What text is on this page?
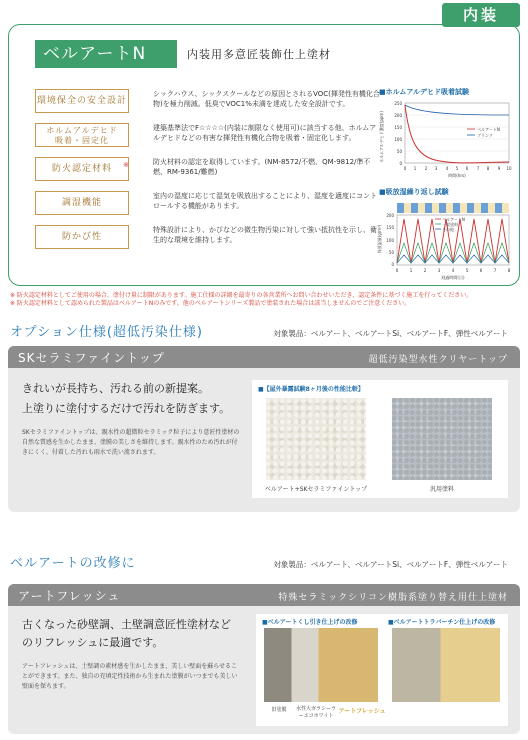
内装
ベルアートN	内装用多意匠装飾仕上塗材
環境保全の安全設計
シックハウス、シックスクールなどの原因とされるVOC(揮発性有機化合物)を極力削減。低臭でVOC1%未満を達成した安全設計です。
ホルムアルデヒド
吸着・固定化
建築基準法でF☆☆☆☆(内装に制限なく使用可)に該当する他、ホルムアルデヒドなどの有害な揮発性有機化合物を吸着・固定化します。
防火認定材料 ※	防火材料の認定を取得しています。(NM-8572/不燃、QM-9812/準不燃、RM-9361/難燃)
調湿機能
室内の湿度に応じて湿気を吸放出することにより、湿度を適度にコントロールする機能があります。
防かび性
特殊設計により、かびなどの微生物汚染に対して強い抵抗性を示し、衛生的な環境を維持します。
■ホルムアルデヒド吸着試験
250
200
150
100
50
0
0 1 2 3 4 5 6 7 8 9 10
時間(hrs)
ホルムアルデヒド濃度(ppm)	ベルアートN
ブランク
■吸放湿繰り返し試験
200
150
100
50
0
0	1	2	3	4	5	6	7	8
経過時間(日)
吸放湿量(g/m²)
ベルアートN
一般塗料
その他
※ 防火認定材料としてご使用の場合、塗付け量に制限があります。施工仕様の詳細を最寄りの各営業所へお問い合わせいただき、認定条件に基づく施工を行ってください。
※ 防火認定材料として認められた製品はベルアートNのみです。他のベルアートシリーズ製品で塗装された場合は該当しませんのでご注意ください。
オプション仕様(超低汚染仕様)	対象製品：ベルアート、ベルアートSi、ベルアートF、弾性ベルアート
SKセラミファイントップ	超低汚染型水性クリヤートップ
きれいが長持ち、汚れる前の新提案。
上塗りに塗付するだけで汚れを防ぎます。
SKセラミファイントップは、親水性の超微粒セラミック粒子により意匠性塗材の自然な質感を生かしたまま、塗膜の美しさを維持します。親水性のため汚れが付きにくく、付着した汚れも雨水で洗い流されます。
■【屋外暴露試験8ヶ月後の性能比較】
ベルアート+SKセラミファイントップ	汎用塗料
ベルアートの改修に	対象製品：ベルアート、ベルアートSi、ベルアートF、弾性ベルアート
アートフレッシュ	特殊セラミックシリコン樹脂系塗り替え用仕上塗材
古くなった砂壁調、土壁調意匠性塗材など
のリフレッシュに最適です。
アートフレッシュは、土壁調の素材感を生かしたまま、美しい壁面を蘇らせることができます。また、独自の充填定性技術から生まれた塗膜がいつまでも美しい壁面を保ちます。
■ベルアートくし引き仕上げの改修	■ベルアートトラバーチン仕上げの改修
旧塗膜	水性大ガラシーラーエコホワイト
アートフレッシュ
